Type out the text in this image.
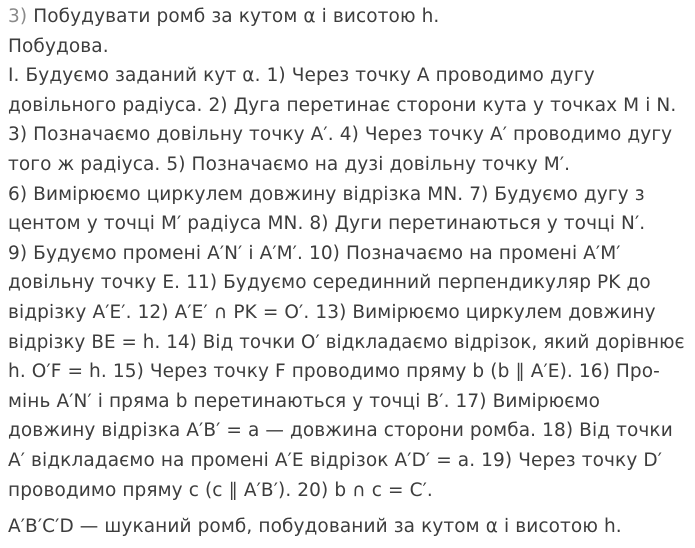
3) Побудувати ромб за кутом α і висотою h.
Побудова.
I. Будуємо заданий кут α. 1) Через точку A проводимо дугу
довільного радіуса. 2) Дуга перетинає сторони кута у точках M і N.
3) Позначаємо довільну точку A′. 4) Через точку A′ проводимо дугу
того ж радіуса. 5) Позначаємо на дузі довільну точку M′.
6) Вимірюємо циркулем довжину відрізка MN. 7) Будуємо дугу з
центом у точці M′ радіуса MN. 8) Дуги перетинаються у точці N′.
9) Будуємо промені A′N′ і A′M′. 10) Позначаємо на промені A′M′
довільну точку E. 11) Будуємо серединний перпендикуляр PK до
відрізку A′E′. 12) A′E′ ∩ PK = O′. 13) Вимірюємо циркулем довжину
відрізку BE = h. 14) Від точки O′ відкладаємо відрізок, який дорівнює
h. O′F = h. 15) Через точку F проводимо пряму b (b ∥ A′E). 16) Про-
мінь A′N′ і пряма b перетинаються у точці B′. 17) Вимірюємо
довжину відрізка A′B′ = a — довжина сторони ромба. 18) Від точки
A′ відкладаємо на промені A′E відрізок A′D′ = a. 19) Через точку D′
проводимо пряму c (c ∥ A′B′). 20) b ∩ c = C′.
A′B′C′D — шуканий ромб, побудований за кутом α і висотою h.
